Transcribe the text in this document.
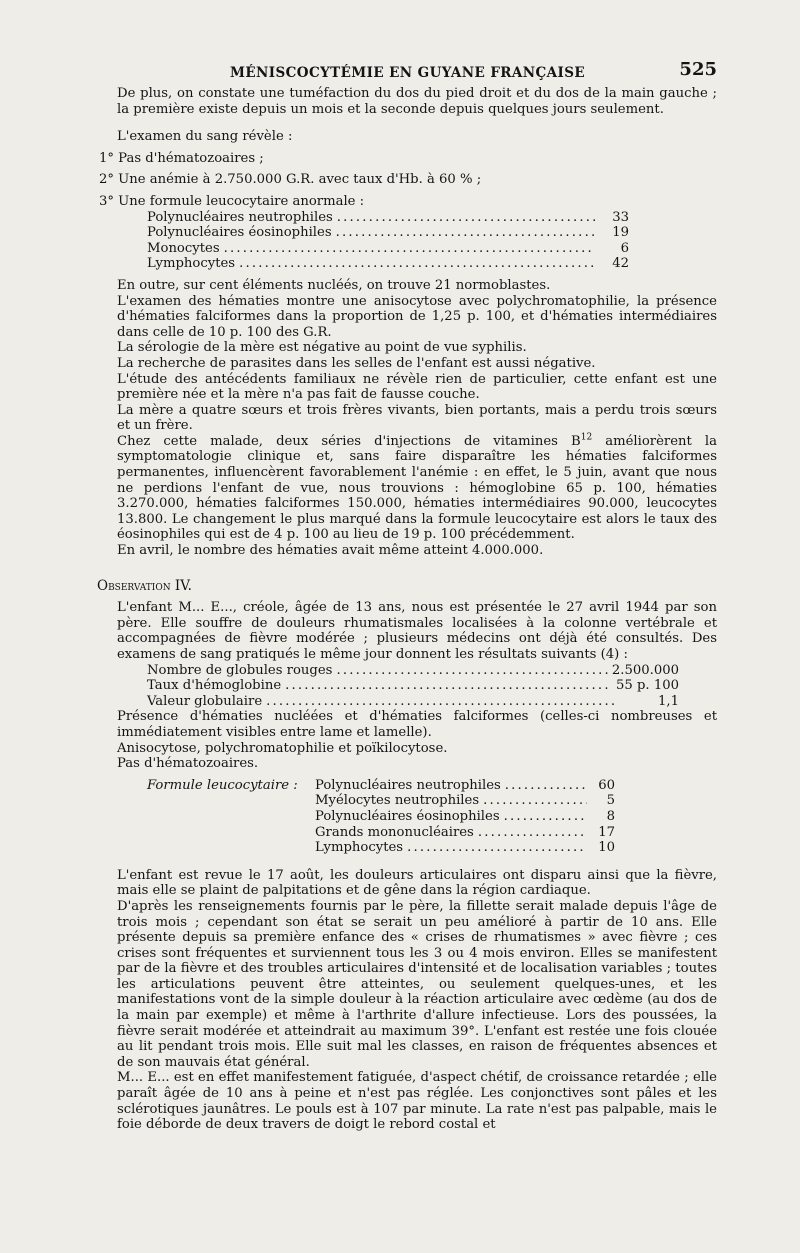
MÉNISCOCYTÉMIE EN GUYANE FRANÇAISE	525

De plus, on constate une tuméfaction du dos du pied droit et du dos de la main gauche ; la première existe depuis un mois et la seconde depuis quelques jours seulement.

L'examen du sang révèle :

1° Pas d'hématozoaires ;

2° Une anémie à 2.750.000 G.R. avec taux d'Hb. à 60 % ;

3° Une formule leucocytaire anormale :

Polynucléaires neutrophiles . . .	33
Polynucléaires éosinophiles . . .	19
Monocytes . . .	6
Lymphocytes . . .	42

En outre, sur cent éléments nucléés, on trouve 21 normoblastes.

L'examen des hématies montre une anisocytose avec polychromatophilie, la présence d'hématies falciformes dans la proportion de 1,25 p. 100, et d'hématies intermédiaires dans celle de 10 p. 100 des G.R.

La sérologie de la mère est négative au point de vue syphilis.

La recherche de parasites dans les selles de l'enfant est aussi négative.

L'étude des antécédents familiaux ne révèle rien de particulier, cette enfant est une première née et la mère n'a pas fait de fausse couche.

La mère a quatre sœurs et trois frères vivants, bien portants, mais a perdu trois sœurs et un frère.

Chez cette malade, deux séries d'injections de vitamines $B^{12}$ améliorèrent la symptomatologie clinique et, sans faire disparaître les hématies falciformes permanentes, influencèrent favorablement l'anémie : en effet, le 5 juin, avant que nous ne perdions l'enfant de vue, nous trouvions : hémoglobine 65 p. 100, hématies 3.270.000, hématies falciformes 150.000, hématies intermédiaires 90.000, leucocytes 13.800. Le changement le plus marqué dans la formule leucocytaire est alors le taux des éosinophiles qui est de 4 p. 100 au lieu de 19 p. 100 précédemment.

En avril, le nombre des hématies avait même atteint 4.000.000.

Observation IV.

L'enfant M... E..., créole, âgée de 13 ans, nous est présentée le 27 avril 1944 par son père. Elle souffre de douleurs rhumatismales localisées à la colonne vertébrale et accompagnées de fièvre modérée ; plusieurs médecins ont déjà été consultés. Des examens de sang pratiqués le même jour donnent les résultats suivants (4) :

Nombre de globules rouges . . .	2.500.000
Taux d'hémoglobine . . .	55 p. 100
Valeur globulaire . . .	1,1

Présence d'hématies nucléées et d'hématies falciformes (celles-ci nombreuses et immédiatement visibles entre lame et lamelle).

Anisocytose, polychromatophilie et poïkilocytose.

Pas d'hématozoaires.

Formule leucocytaire :	Polynucléaires neutrophiles . . .	60
Myélocytes neutrophiles . . .	5
Polynucléaires éosinophiles . . .	8
Grands mononucléaires . . .	17
Lymphocytes . . .	10

L'enfant est revue le 17 août, les douleurs articulaires ont disparu ainsi que la fièvre, mais elle se plaint de palpitations et de gêne dans la région cardiaque.

D'après les renseignements fournis par le père, la fillette serait malade depuis l'âge de trois mois ; cependant son état se serait un peu amélioré à partir de 10 ans. Elle présente depuis sa première enfance des « crises de rhumatismes » avec fièvre ; ces crises sont fréquentes et surviennent tous les 3 ou 4 mois environ. Elles se manifestent par de la fièvre et des troubles articulaires d'intensité et de localisation variables ; toutes les articulations peuvent être atteintes, ou seulement quelques-unes, et les manifestations vont de la simple douleur à la réaction articulaire avec œdème (au dos de la main par exemple) et même à l'arthrite d'allure infectieuse. Lors des poussées, la fièvre serait modérée et atteindrait au maximum 39°. L'enfant est restée une fois clouée au lit pendant trois mois. Elle suit mal les classes, en raison de fréquentes absences et de son mauvais état général.

M... E... est en effet manifestement fatiguée, d'aspect chétif, de croissance retardée ; elle paraît âgée de 10 ans à peine et n'est pas réglée. Les conjonctives sont pâles et les sclérotiques jaunâtres. Le pouls est à 107 par minute. La rate n'est pas palpable, mais le foie déborde de deux travers de doigt le rebord costal et
